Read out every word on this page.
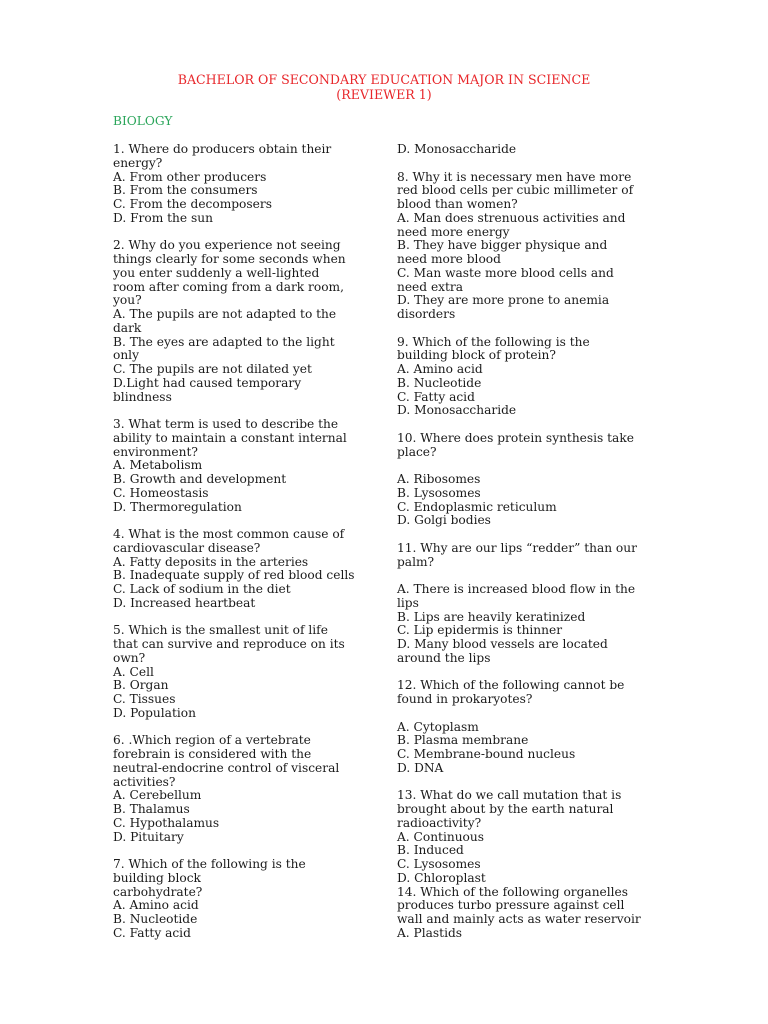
BACHELOR OF SECONDARY EDUCATION MAJOR IN SCIENCE
(REVIEWER 1)
BIOLOGY
1. Where do producers obtain their
energy?
A. From other producers
B. From the consumers
C. From the decomposers
D. From the sun
2. Why do you experience not seeing
things clearly for some seconds when
you enter suddenly a well-lighted
room after coming from a dark room,
you?
A. The pupils are not adapted to the
dark
B. The eyes are adapted to the light
only
C. The pupils are not dilated yet
D.Light had caused temporary
blindness
3. What term is used to describe the
ability to maintain a constant internal
environment?
A. Metabolism
B. Growth and development
C. Homeostasis
D. Thermoregulation
4. What is the most common cause of
cardiovascular disease?
A. Fatty deposits in the arteries
B. Inadequate supply of red blood cells
C. Lack of sodium in the diet
D. Increased heartbeat
5. Which is the smallest unit of life
that can survive and reproduce on its
own?
A. Cell
B. Organ
C. Tissues
D. Population
6. .Which region of a vertebrate
forebrain is considered with the
neutral-endocrine control of visceral
activities?
A. Cerebellum
B. Thalamus
C. Hypothalamus
D. Pituitary
7. Which of the following is the
building block
carbohydrate?
A. Amino acid
B. Nucleotide
C. Fatty acid
D. Monosaccharide
8. Why it is necessary men have more
red blood cells per cubic millimeter of
blood than women?
A. Man does strenuous activities and
need more energy
B. They have bigger physique and
need more blood
C. Man waste more blood cells and
need extra
D. They are more prone to anemia
disorders
9. Which of the following is the
building block of protein?
A. Amino acid
B. Nucleotide
C. Fatty acid
D. Monosaccharide
10. Where does protein synthesis take
place?
A. Ribosomes
B. Lysosomes
C. Endoplasmic reticulum
D. Golgi bodies
11. Why are our lips “redder” than our
palm?
A. There is increased blood flow in the
lips
B. Lips are heavily keratinized
C. Lip epidermis is thinner
D. Many blood vessels are located
around the lips
12. Which of the following cannot be
found in prokaryotes?
A. Cytoplasm
B. Plasma membrane
C. Membrane-bound nucleus
D. DNA
13. What do we call mutation that is
brought about by the earth natural
radioactivity?
A. Continuous
B. Induced
C. Lysosomes
D. Chloroplast
14. Which of the following organelles
produces turbo pressure against cell
wall and mainly acts as water reservoir
A. Plastids
